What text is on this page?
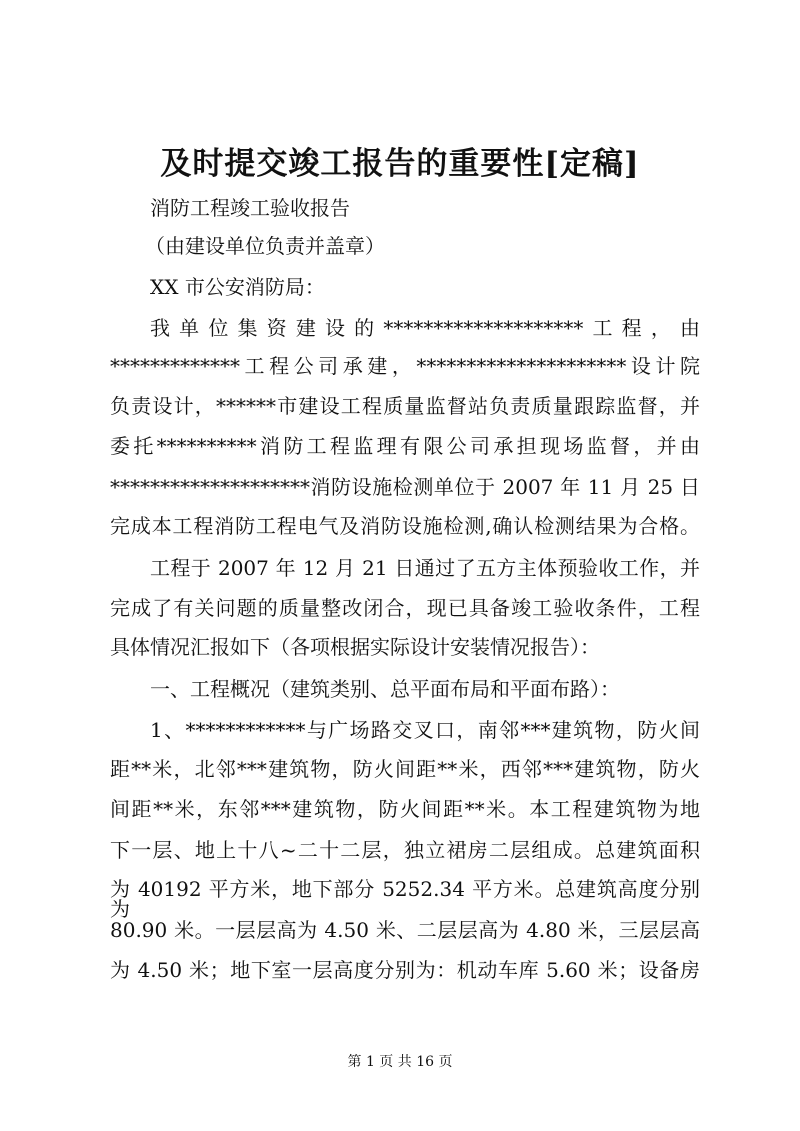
及时提交竣工报告的重要性[定稿]
消防工程竣工验收报告
（由建设单位负责并盖章）
XX 市公安消防局：
我单位集资建设的********************工程，由
*************工程公司承建，*********************设计院
负责设计，******市建设工程质量监督站负责质量跟踪监督，并
委托**********消防工程监理有限公司承担现场监督，并由
********************消防设施检测单位于 2007 年 11 月 25 日
完成本工程消防工程电气及消防设施检测,确认检测结果为合格。
工程于 2007 年 12 月 21 日通过了五方主体预验收工作，并
完成了有关问题的质量整改闭合，现已具备竣工验收条件，工程
具体情况汇报如下（各项根据实际设计安装情况报告）：
一、工程概况（建筑类别、总平面布局和平面布路）：
1、************与广场路交叉口，南邻***建筑物，防火间
距**米，北邻***建筑物，防火间距**米，西邻***建筑物，防火
间距**米，东邻***建筑物，防火间距**米。本工程建筑物为地
下一层、地上十八~二十二层，独立裙房二层组成。总建筑面积
为 40192 平方米，地下部分 5252.34 平方米。总建筑高度分别为
80.90 米。一层层高为 4.50 米、二层层高为 4.80 米，三层层高
为 4.50 米；地下室一层高度分别为：机动车库 5.60 米；设备房
第 1 页 共 16 页
